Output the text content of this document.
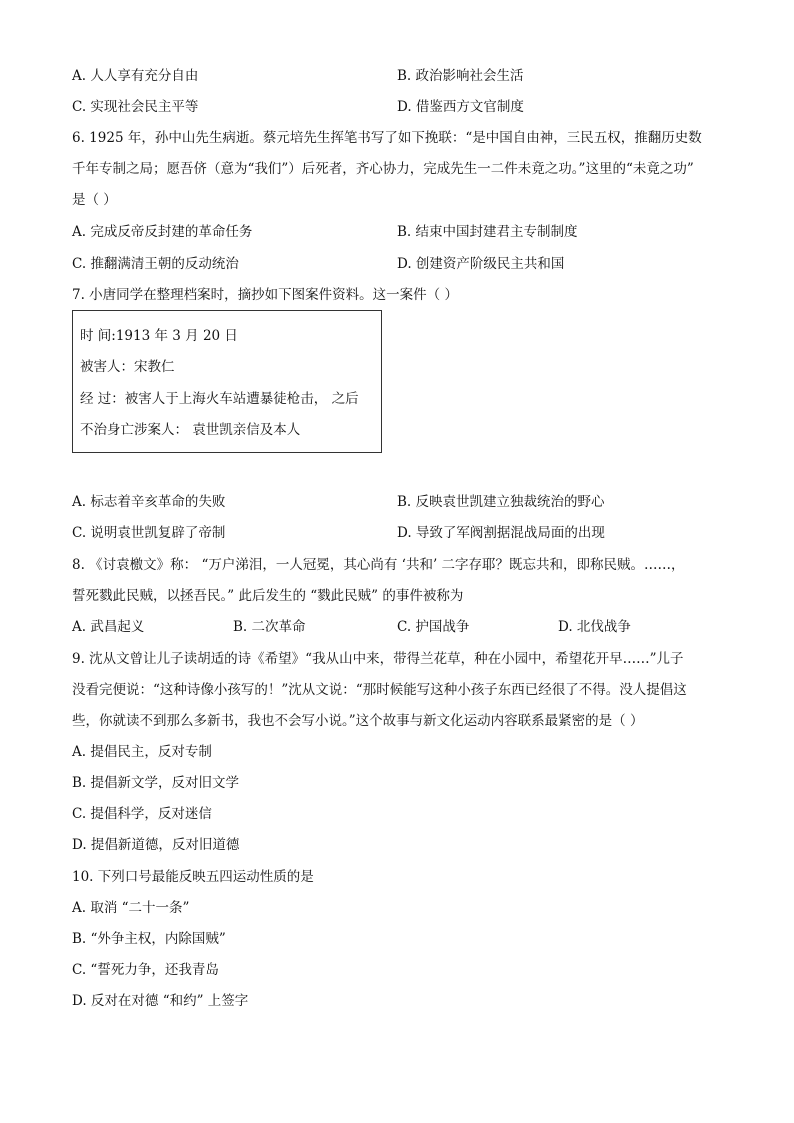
A. 人人享有充分自由	B. 政治影响社会生活
C. 实现社会民主平等	D. 借鉴西方文官制度
6. 1925 年，孙中山先生病逝。蔡元培先生挥笔书写了如下挽联：“是中国自由神，三民五权，推翻历史数
千年专制之局；愿吾侪（意为“我们”）后死者，齐心协力，完成先生一二件未竟之功。”这里的“未竟之功”
是（ ）
A. 完成反帝反封建的革命任务	B. 结束中国封建君主专制制度
C. 推翻满清王朝的反动统治	D. 创建资产阶级民主共和国
7. 小唐同学在整理档案时，摘抄如下图案件资料。这一案件（ ）
时 间:1913 年 3 月 20 日
被害人：宋教仁
经 过：被害人于上海火车站遭暴徒枪击， 之后
不治身亡涉案人： 袁世凯亲信及本人
A. 标志着辛亥革命的失败	B. 反映袁世凯建立独裁统治的野心
C. 说明袁世凯复辟了帝制	D. 导致了军阀割据混战局面的出现
8. 《讨袁檄文》称： “万户涕泪，一人冠冕，其心尚有 ‘共和’ 二字存耶？既忘共和，即称民贼。……，
誓死戮此民贼，以拯吾民。” 此后发生的 “戮此民贼” 的事件被称为
A. 武昌起义	B. 二次革命	C. 护国战争	D. 北伐战争
9. 沈从文曾让儿子读胡适的诗《希望》“我从山中来，带得兰花草，种在小园中，希望花开早……”儿子
没看完便说：“这种诗像小孩写的！”沈从文说：“那时候能写这种小孩子东西已经很了不得。没人提倡这
些，你就读不到那么多新书，我也不会写小说。”这个故事与新文化运动内容联系最紧密的是（ ）
A. 提倡民主，反对专制
B. 提倡新文学，反对旧文学
C. 提倡科学，反对迷信
D. 提倡新道德，反对旧道德
10. 下列口号最能反映五四运动性质的是
A. 取消 “二十一条”
B. “外争主权，内除国贼”
C. “誓死力争，还我青岛
D. 反对在对德 “和约” 上签字
